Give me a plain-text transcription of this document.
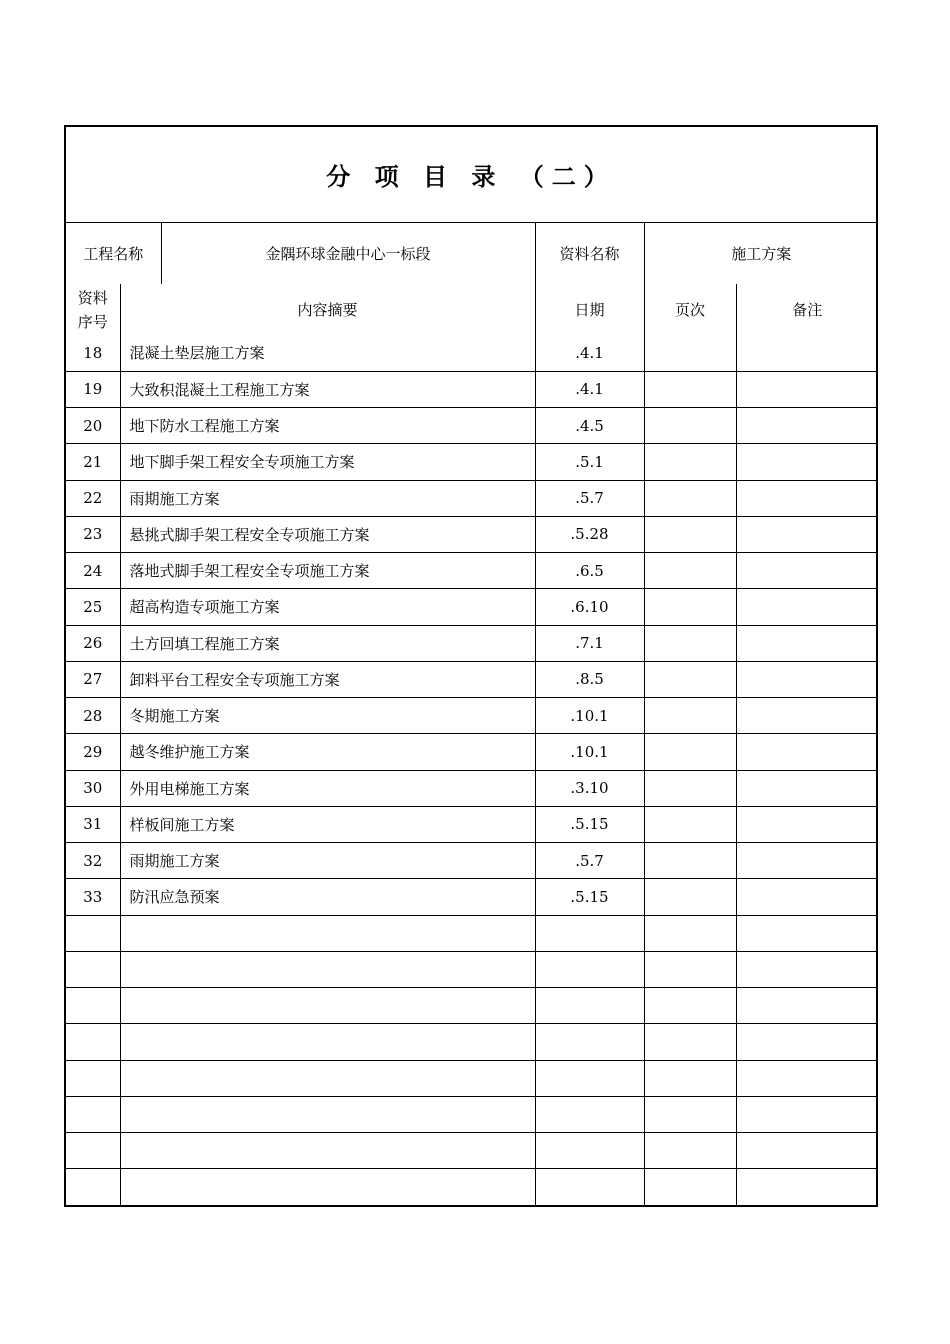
分 项 目 录 （二）
工程名称	金隅环球金融中心一标段	资料名称	施工方案
资料
序号	内容摘要	日期	页次	备注
18	混凝土垫层施工方案	.4.1		
19	大致积混凝土工程施工方案	.4.1		
20	地下防水工程施工方案	.4.5		
21	地下脚手架工程安全专项施工方案	.5.1		
22	雨期施工方案	.5.7		
23	悬挑式脚手架工程安全专项施工方案	.5.28		
24	落地式脚手架工程安全专项施工方案	.6.5		
25	超高构造专项施工方案	.6.10		
26	土方回填工程施工方案	.7.1		
27	卸料平台工程安全专项施工方案	.8.5		
28	冬期施工方案	.10.1		
29	越冬维护施工方案	.10.1		
30	外用电梯施工方案	.3.10		
31	样板间施工方案	.5.15		
32	雨期施工方案	.5.7		
33	防汛应急预案	.5.15		
